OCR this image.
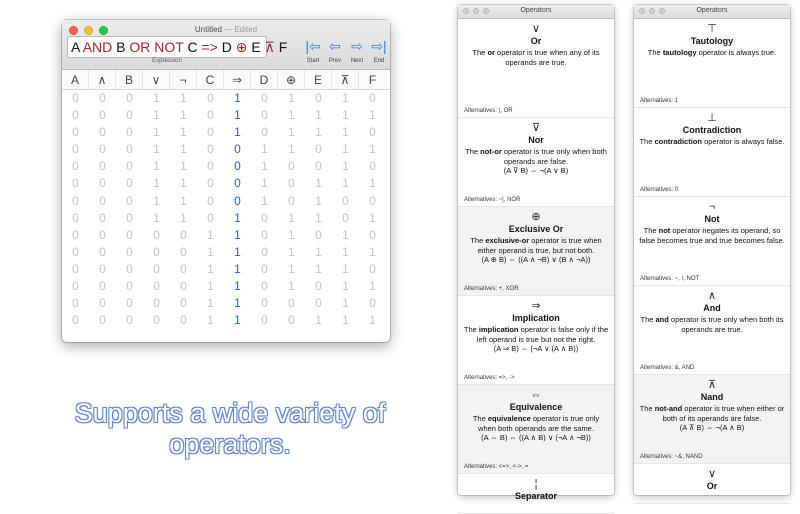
Untitled — Edited
A AND B OR NOT C => D ⊕ E ⊼ F
Expression
|⇦
Start
⇦
Prev
⇨
Next
⇨|
End
A	∧	B	∨	¬	C	⇒	D	⊕	E	⊼	F
0	0	0	1	1	0	1	0	1	0	1	0
0	0	0	1	1	0	1	0	1	1	1	1
0	0	0	1	1	0	1	0	1	1	1	0
0	0	0	1	1	0	0	1	1	0	1	1
0	0	0	1	1	0	0	1	0	0	1	0
0	0	0	1	1	0	0	1	0	1	1	1
0	0	0	1	1	0	0	1	0	1	0	0
0	0	0	1	1	0	1	0	1	1	0	1
0	0	0	0	0	1	1	0	1	0	1	0
0	0	0	0	0	1	1	0	1	1	1	1
0	0	0	0	0	1	1	0	1	1	1	0
0	0	0	0	0	1	1	0	1	0	1	1
0	0	0	0	0	1	1	0	0	0	1	0
0	0	0	0	0	1	1	0	0	1	1	1
Supports a wide variety of operators.
Operators
∨
Or
The or operator is true when any of its operands are true.
Alternatives: |, OR
⊽
Nor
The not-or operator is true only when both operands are false.
(A ⊽ B) ⇔ ¬(A ∨ B)
Alternatives: ~|, NOR
⊕
Exclusive Or
The exclusive-or operator is true when either operand is true, but not both.
(A ⊕ B) ⇔ ((A ∧ ¬B) ∨ (B ∧ ¬A))
Alternatives: +, XOR
⇒
Implication
The implication operator is false only if the left operand is true but not the right.
(A ⇒ B) ⇔ (¬A ∨ (A ∧ B))
Alternatives: =>, ->
⇔
Equivalence
The equivalence operator is true only when both operands are the same.
(A ⇔ B) ⇔ ((A ∧ B) ∨ (¬A ∧ ¬B))
Alternatives: <=>, <->, =
¦
Separator
Operators
⊤
Tautology
The tautology operator is always true.
Alternatives: 1
⊥
Contradiction
The contradiction operator is always false.
Alternatives: 0
¬
Not
The not operator negates its operand, so false becomes true and true becomes false.
Alternatives: ~, !, NOT
∧
And
The and operator is true only when both its operands are true.
Alternatives: &, AND
⊼
Nand
The not-and operator is true when either or both of its operands are false.
(A ⊼ B) ⇔ ¬(A ∧ B)
Alternatives: ~&, NAND
∨
Or
